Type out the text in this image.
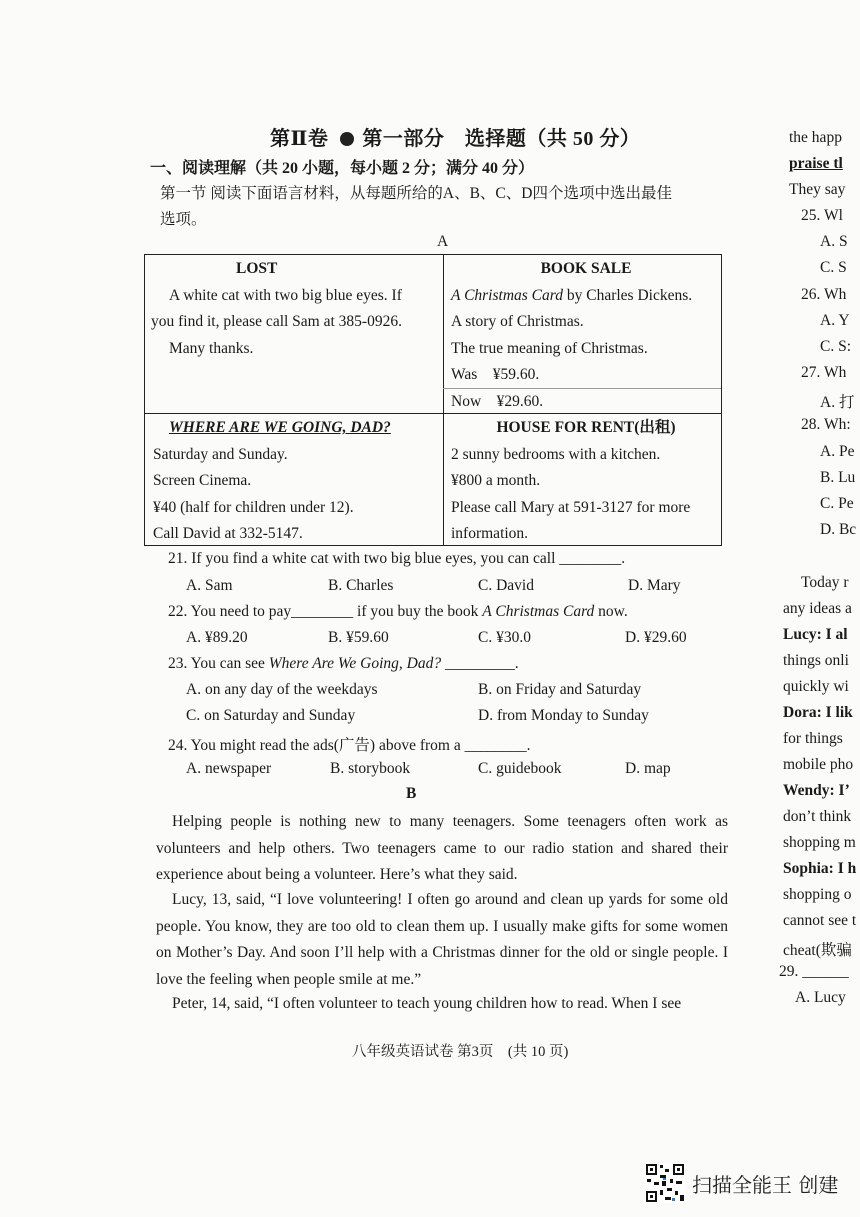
第Ⅱ卷 第一部分　选择题（共 50 分）
一、阅读理解（共 20 小题，每小题 2 分；满分 40 分）
第一节 阅读下面语言材料，从每题所给的A、B、C、D四个选项中选出最佳
选项。
A
LOST
A white cat with two big blue eyes. If
you find it, please call Sam at 385-0926.
Many thanks.
BOOK SALE
A Christmas Card by Charles Dickens.
A story of Christmas.
The true meaning of Christmas.
Was　¥59.60.
Now　¥29.60.
WHERE ARE WE GOING, DAD?
Saturday and Sunday.
Screen Cinema.
¥40 (half for children under 12).
Call David at 332-5147.
HOUSE FOR RENT(出租)
2 sunny bedrooms with a kitchen.
¥800 a month.
Please call Mary at 591-3127 for more
information.
21. If you find a white cat with two big blue eyes, you can call ________.
A. Sam	B. Charles	C. David	D. Mary
22. You need to pay________ if you buy the book A Christmas Card now.
A. ¥89.20	B. ¥59.60	C. ¥30.0	D. ¥29.60
23. You can see Where Are We Going, Dad? _________.
A. on any day of the weekdays	B. on Friday and Saturday
C. on Saturday and Sunday	D. from Monday to Sunday
24. You might read the ads(广告) above from a ________.
A. newspaper	B. storybook	C. guidebook	D. map
B
Helping people is nothing new to many teenagers. Some teenagers often work as volunteers and help others. Two teenagers came to our radio station and shared their experience about being a volunteer. Here’s what they said.
Lucy, 13, said, “I love volunteering! I often go around and clean up yards for some old people. You know, they are too old to clean them up. I usually make gifts for some women on Mother’s Day. And soon I’ll help with a Christmas dinner for the old or single people. I love the feeling when people smile at me.”
Peter, 14, said, “I often volunteer to teach young children how to read. When I see
八年级英语试卷 第3页　(共 10 页)
the happ
praise tl
They say
25. Wl
A. S
C. S
26. Wh
A. Y
C. S:
27. Wh
A. 打
28. Wh:
A. Pe
B. Lu
C. Pe
D. Bc
Today r
any ideas a
Lucy: I al
things onli
quickly wi
Dora: I lik
for things
mobile pho
Wendy: I’
don’t think
shopping m
Sophia: I h
shopping o
cannot see t
cheat(欺骗
29. ______
A. Lucy
扫描全能王 创建
